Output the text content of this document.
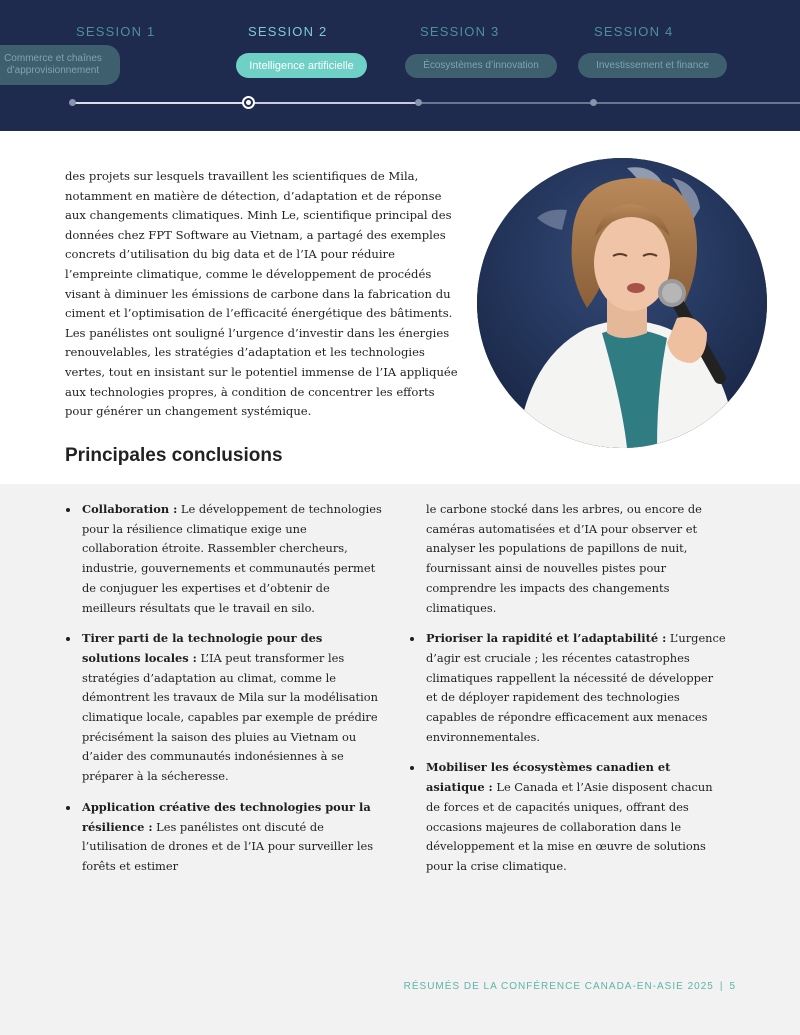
SESSION 1
Commerce et chaînes d’approvisionnement
SESSION 2
Intelligence artificielle
SESSION 3
Écosystèmes d’innovation
SESSION 4
Investissement et finance

des projets sur lesquels travaillent les scientifiques de Mila, notamment en matière de détection, d’adaptation et de réponse aux changements climatiques. Minh Le, scientifique principal des données chez FPT Software au Vietnam, a partagé des exemples concrets d’utilisation du big data et de l’IA pour réduire l’empreinte climatique, comme le développement de procédés visant à diminuer les émissions de carbone dans la fabrication du ciment et l’optimisation de l’efficacité énergétique des bâtiments. Les panélistes ont souligné l’urgence d’investir dans les énergies renouvelables, les stratégies d’adaptation et les technologies vertes, tout en insistant sur le potentiel immense de l’IA appliquée aux technologies propres, à condition de concentrer les efforts pour générer un changement systémique.

Principales conclusions
Collaboration : Le développement de technologies pour la résilience climatique exige une collaboration étroite. Rassembler chercheurs, industrie, gouvernements et communautés permet de conjuguer les expertises et d’obtenir de meilleurs résultats que le travail en silo.
Tirer parti de la technologie pour des solutions locales : L’IA peut transformer les stratégies d’adaptation au climat, comme le démontrent les travaux de Mila sur la modélisation climatique locale, capables par exemple de prédire précisément la saison des pluies au Vietnam ou d’aider des communautés indonésiennes à se préparer à la sécheresse.
Application créative des technologies pour la résilience : Les panélistes ont discuté de l’utilisation de drones et de l’IA pour surveiller les forêts et estimer
le carbone stocké dans les arbres, ou encore de caméras automatisées et d’IA pour observer et analyser les populations de papillons de nuit, fournissant ainsi de nouvelles pistes pour comprendre les impacts des changements climatiques.
Prioriser la rapidité et l’adaptabilité : L’urgence d’agir est cruciale ; les récentes catastrophes climatiques rappellent la nécessité de développer et de déployer rapidement des technologies capables de répondre efficacement aux menaces environnementales.
Mobiliser les écosystèmes canadien et asiatique : Le Canada et l’Asie disposent chacun de forces et de capacités uniques, offrant des occasions majeures de collaboration dans le développement et la mise en œuvre de solutions pour la crise climatique.
RÉSUMÉS DE LA CONFÉRENCE CANADA-EN-ASIE 2025 | 5
